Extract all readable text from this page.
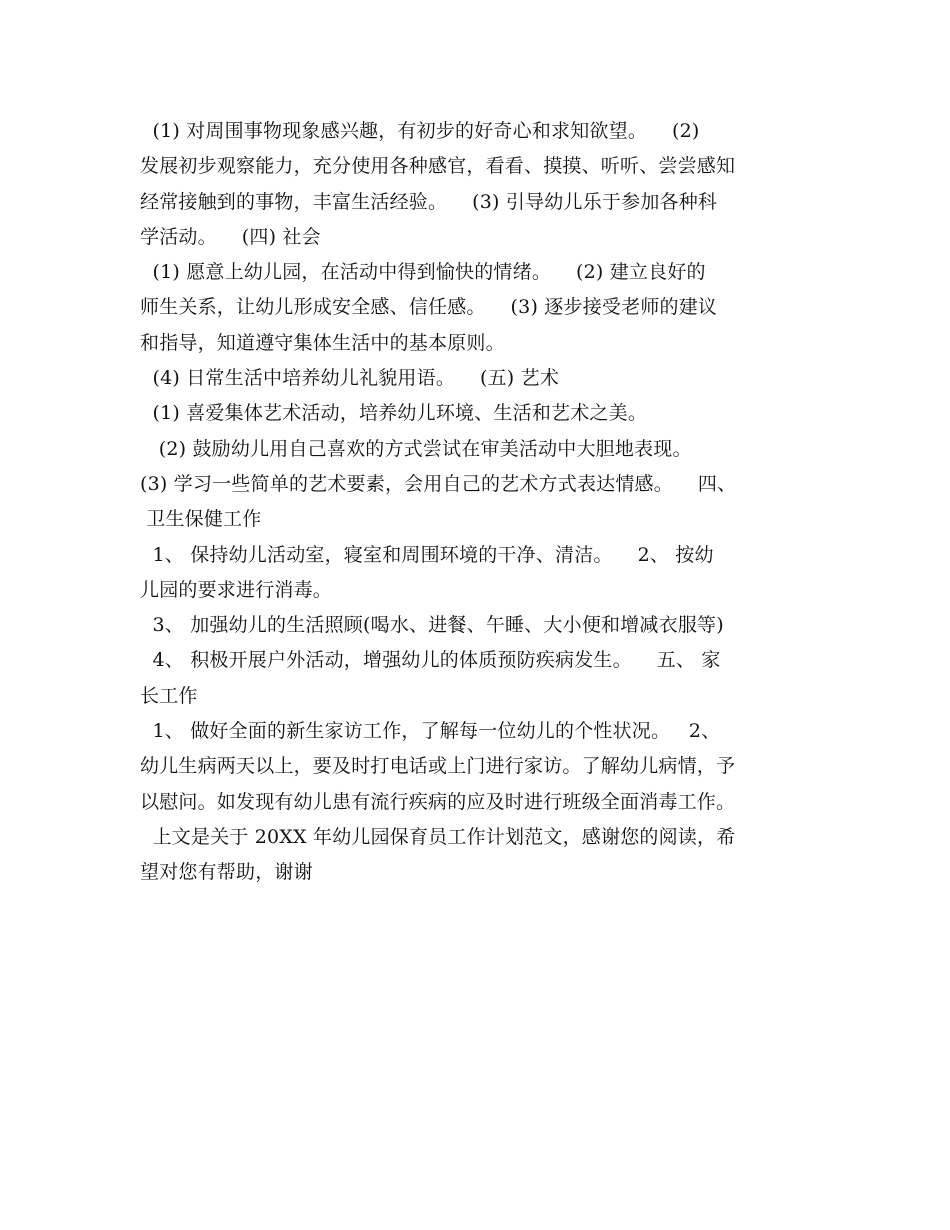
(1) 对周围事物现象感兴趣，有初步的好奇心和求知欲望。    (2)
发展初步观察能力，充分使用各种感官，看看、摸摸、听听、尝尝感知
经常接触到的事物，丰富生活经验。    (3) 引导幼儿乐于参加各种科
学活动。    (四) 社会
(1) 愿意上幼儿园，在活动中得到愉快的情绪。    (2) 建立良好的
师生关系，让幼儿形成安全感、信任感。    (3) 逐步接受老师的建议
和指导，知道遵守集体生活中的基本原则。
(4) 日常生活中培养幼儿礼貌用语。    (五) 艺术
(1) 喜爱集体艺术活动，培养幼儿环境、生活和艺术之美。
(2) 鼓励幼儿用自己喜欢的方式尝试在审美活动中大胆地表现。
(3) 学习一些简单的艺术要素，会用自己的艺术方式表达情感。    四、
卫生保健工作
1、 保持幼儿活动室，寝室和周围环境的干净、清洁。    2、 按幼
儿园的要求进行消毒。
3、 加强幼儿的生活照顾(喝水、进餐、午睡、大小便和增减衣服等)
4、 积极开展户外活动，增强幼儿的体质预防疾病发生。    五、 家
长工作
1、 做好全面的新生家访工作，了解每一位幼儿的个性状况。   2、
幼儿生病两天以上，要及时打电话或上门进行家访。了解幼儿病情，予
以慰问。如发现有幼儿患有流行疾病的应及时进行班级全面消毒工作。
上文是关于 20XX 年幼儿园保育员工作计划范文，感谢您的阅读，希
望对您有帮助，谢谢
